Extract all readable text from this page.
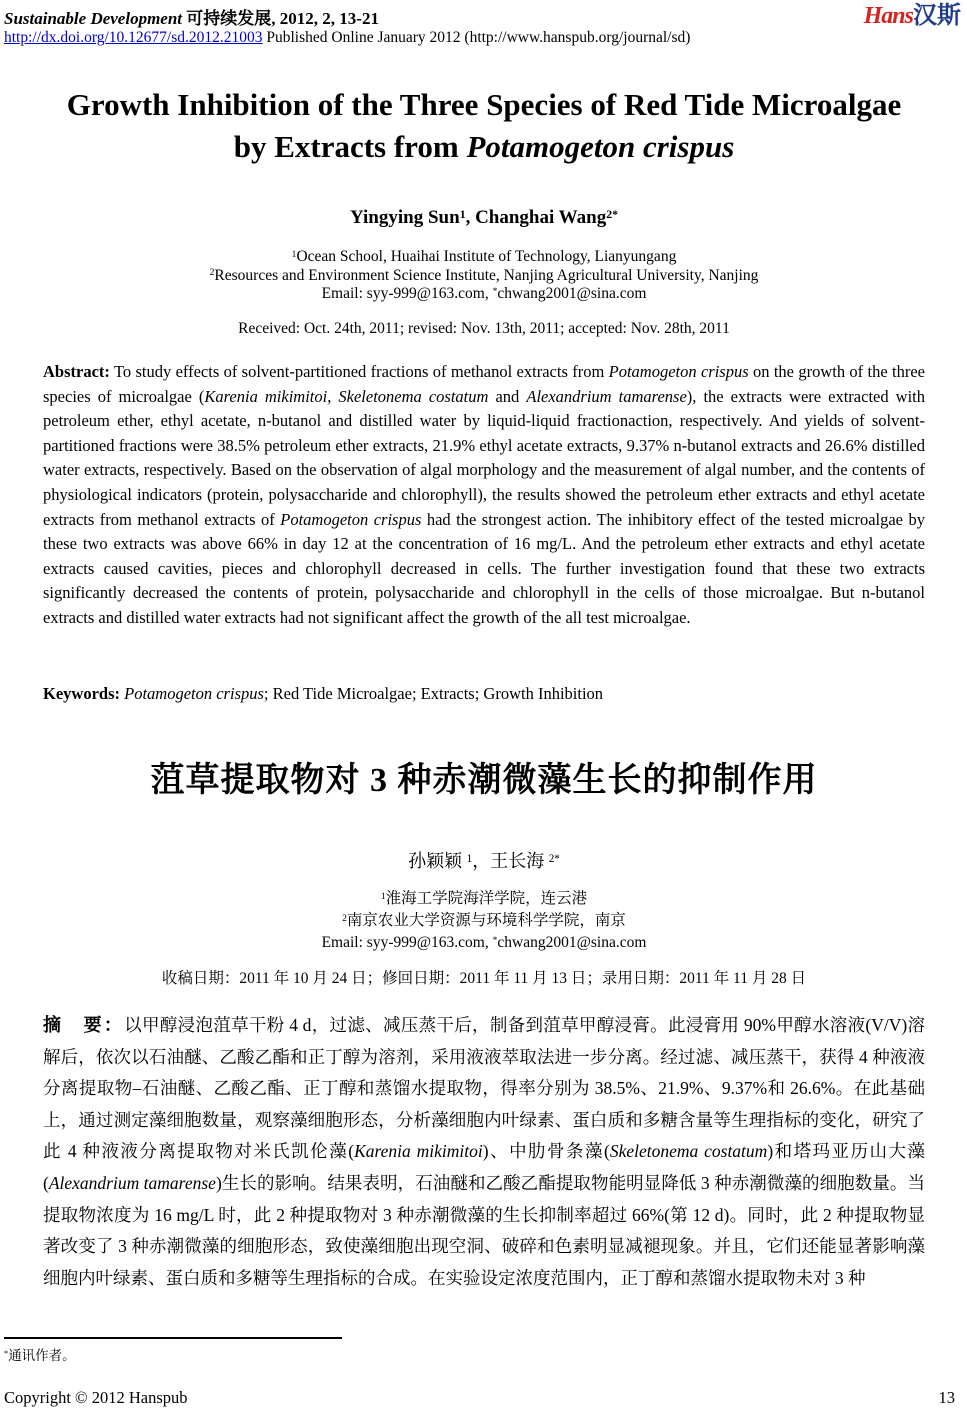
Sustainable Development 可持续发展, 2012, 2, 13-21	Hans汉斯
http://dx.doi.org/10.12677/sd.2012.21003 Published Online January 2012 (http://www.hanspub.org/journal/sd)
Growth Inhibition of the Three Species of Red Tide Microalgae by Extracts from Potamogeton crispus
Yingying Sun$^1$, Changhai Wang$^{2*}$
$^1$Ocean School, Huaihai Institute of Technology, Lianyungang
$^2$Resources and Environment Science Institute, Nanjing Agricultural University, Nanjing
Email: syy-999@163.com, *chwang2001@sina.com
Received: Oct. 24th, 2011; revised: Nov. 13th, 2011; accepted: Nov. 28th, 2011
Abstract: To study effects of solvent-partitioned fractions of methanol extracts from Potamogeton crispus on the growth of the three species of microalgae (Karenia mikimitoi, Skeletonema costatum and Alexandrium tamarense), the extracts were extracted with petroleum ether, ethyl acetate, n-butanol and distilled water by liquid-liquid fractionaction, respectively. And yields of solvent-partitioned fractions were 38.5% petroleum ether extracts, 21.9% ethyl acetate extracts, 9.37% n-butanol extracts and 26.6% distilled water extracts, respectively. Based on the observation of algal morphology and the measurement of algal number, and the contents of physiological indicators (protein, polysaccharide and chlorophyll), the results showed the petroleum ether extracts and ethyl acetate extracts from methanol extracts of Potamogeton crispus had the strongest action. The inhibitory effect of the tested microalgae by these two extracts was above 66% in day 12 at the concentration of 16 mg/L. And the petroleum ether extracts and ethyl acetate extracts caused cavities, pieces and chlorophyll decreased in cells. The further investigation found that these two extracts significantly decreased the contents of protein, polysaccharide and chlorophyll in the cells of those microalgae. But n-butanol extracts and distilled water extracts had not significant affect the growth of the all test microalgae.
Keywords: Potamogeton crispus; Red Tide Microalgae; Extracts; Growth Inhibition
菹草提取物对 3 种赤潮微藻生长的抑制作用
孙颖颖 $^1$，王长海 $^{2*}$
$^1$淮海工学院海洋学院，连云港
$^2$南京农业大学资源与环境科学学院，南京
Email: syy-999@163.com, *chwang2001@sina.com
收稿日期：2011 年 10 月 24 日；修回日期：2011 年 11 月 13 日；录用日期：2011 年 11 月 28 日
摘　要：以甲醇浸泡菹草干粉 4 d，过滤、减压蒸干后，制备到菹草甲醇浸膏。此浸膏用 90%甲醇水溶液(V/V)溶解后，依次以石油醚、乙酸乙酯和正丁醇为溶剂，采用液液萃取法进一步分离。经过滤、减压蒸干，获得 4 种液液分离提取物–石油醚、乙酸乙酯、正丁醇和蒸馏水提取物，得率分别为 38.5%、21.9%、9.37%和 26.6%。在此基础上，通过测定藻细胞数量，观察藻细胞形态，分析藻细胞内叶绿素、蛋白质和多糖含量等生理指标的变化，研究了此 4 种液液分离提取物对米氏凯伦藻(Karenia mikimitoi)、中肋骨条藻(Skeletonema costatum)和塔玛亚历山大藻(Alexandrium tamarense)生长的影响。结果表明，石油醚和乙酸乙酯提取物能明显降低 3 种赤潮微藻的细胞数量。当提取物浓度为 16 mg/L 时，此 2 种提取物对 3 种赤潮微藻的生长抑制率超过 66%(第 12 d)。同时，此 2 种提取物显著改变了 3 种赤潮微藻的细胞形态，致使藻细胞出现空洞、破碎和色素明显减褪现象。并且，它们还能显著影响藻细胞内叶绿素、蛋白质和多糖等生理指标的合成。在实验设定浓度范围内，正丁醇和蒸馏水提取物未对 3 种
*通讯作者。
Copyright © 2012 Hanspub	13
